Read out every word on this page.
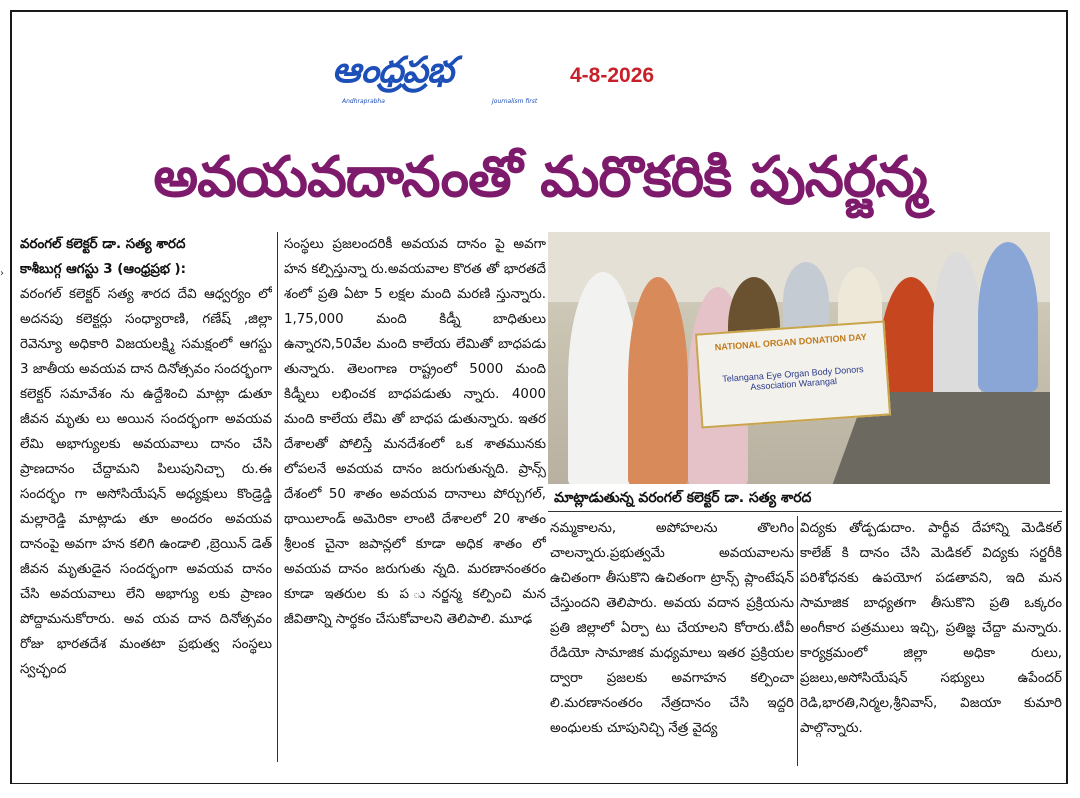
ఆంధ్రప్రభ
Andhraprabha	Journalism first
4-8-2026
అవయవదానంతో మరొకరికి పునర్జన్మ
›

వరంగల్ కలెక్టర్ డా. సత్య శారద

కాశీబుగ్గ ఆగస్టు 3 (ఆంధ్రప్రభ ):

వరంగల్ కలెక్టర్ సత్య శారద దేవి ఆధ్వర్యం లో అదనపు కలెక్టర్లు సంధ్యారాణి, గణేష్ ,జిల్లా రెవెన్యూ అధికారి విజయలక్ష్మి సమక్షంలో ఆగస్టు 3 జాతీయ అవయవ దాన దినోత్సవం సందర్భంగా కలెక్టర్ సమావేశం ను ఉద్దేశించి మాట్లా డుతూ జీవన మృతు లు అయిన సందర్భంగా అవయవ లేమి అభాగ్యులకు అవయవాలు దానం చేసి ప్రాణదానం చేద్దామని పిలుపునిచ్చా రు.ఈ సందర్భం గా అసోసియేషన్ అధ్యక్షులు కొండ్రెడ్డి మల్లారెడ్డి మాట్లాడు తూ అందరం అవయవ దానంపై అవగా హన కలిగి ఉండాలి ,బ్రెయిన్ డెత్ జీవన మృతుడైన సందర్భంగా అవయవ దానం చేసి అవయవాలు లేని అభాగ్యు లకు ప్రాణం పోద్దామనుకోరారు. అవ యవ దాన దినోత్సవం రోజు భారతదేశ మంతటా ప్రభుత్వ సంస్థలు స్వచ్ఛంద

సంస్థలు ప్రజలందరికీ అవయవ దానం పై అవగా హన కల్పిస్తున్నా రు.అవయవాల కొరత తో భారతదే శంలో ప్రతి ఏటా 5 లక్షల మంది మరణి స్తున్నారు. 1,75,000 మంది కిడ్నీ బాధితులు ఉన్నారని,50వేల మంది కాలేయ లేమితో బాధపడు తున్నారు. తెలంగాణ రాష్ట్రంలో 5000 మంది కిడ్నీలు లభించక బాధపడుతు న్నారు. 4000 మంది కాలేయ లేమి తో బాధప డుతున్నారు. ఇతర దేశాలతో పోలిస్తే మనదేశంలో ఒక శాతమునకు లోపలనే అవయవ దానం జరుగుతున్నది. ప్రాన్స్ దేశంలో 50 శాతం అవయవ దానాలు పోర్చుగల్, థాయిలాండ్ అమెరికా లాంటి దేశాలలో 20 శాతం శ్రీలంక చైనా జపాన్లలో కూడా అధిక శాతం లో అవయవ దానం జరుగుతు న్నది. మరణానంతరం కూడా ఇతరుల కు ప ునర్జన్మ కల్పించి మన జీవితాన్ని సార్థకం చేసుకోవాలని తెలిపాలి. మూఢ

NATIONAL ORGAN DONATION DAY
Telangana Eye Organ Body Donors Association Warangal
మాట్లాడుతున్న వరంగల్ కలెక్టర్ డా. సత్య శారద

నమ్మకాలను, అపోహలను తొలగిం చాలన్నారు.ప్రభుత్వమే అవయవాలను ఉచితంగా తీసుకొని ఉచితంగా ట్రాన్స్ ప్లాంటేషన్ చేస్తుందని తెలిపారు. అవయ వదాన ప్రక్రియను ప్రతి జిల్లాలో ఏర్పా టు చేయాలని కోరారు.టీవీ రేడియో సామాజిక మధ్యమాలు ఇతర ప్రక్రియల ద్వారా ప్రజలకు అవగాహన కల్పించా లి.మరణానంతరం నేత్రదానం చేసి ఇద్దరి అంధులకు చూపునిచ్చి నేత్ర వైద్య

విద్యకు తోడ్పడుదాం. పార్థీవ దేహాన్ని మెడికల్ కాలేజ్ కి దానం చేసి మెడికల్ విద్యకు సర్జరీకి పరిశోధనకు ఉపయోగ పడతావని, ఇది మన సామాజిక బాధ్యతగా తీసుకొని ప్రతి ఒక్కరం అంగీకార పత్రములు ఇచ్చి, ప్రతిజ్ఞ చేద్దా మన్నారు. కార్యక్రమంలో జిల్లా అధికా రులు, ప్రజలు,అసోసియేషన్ సభ్యులు ఉపేందర్ రెడి,భారతి,నిర్మల,శ్రీనివాస్, విజయా కుమారి పాల్గొన్నారు.
